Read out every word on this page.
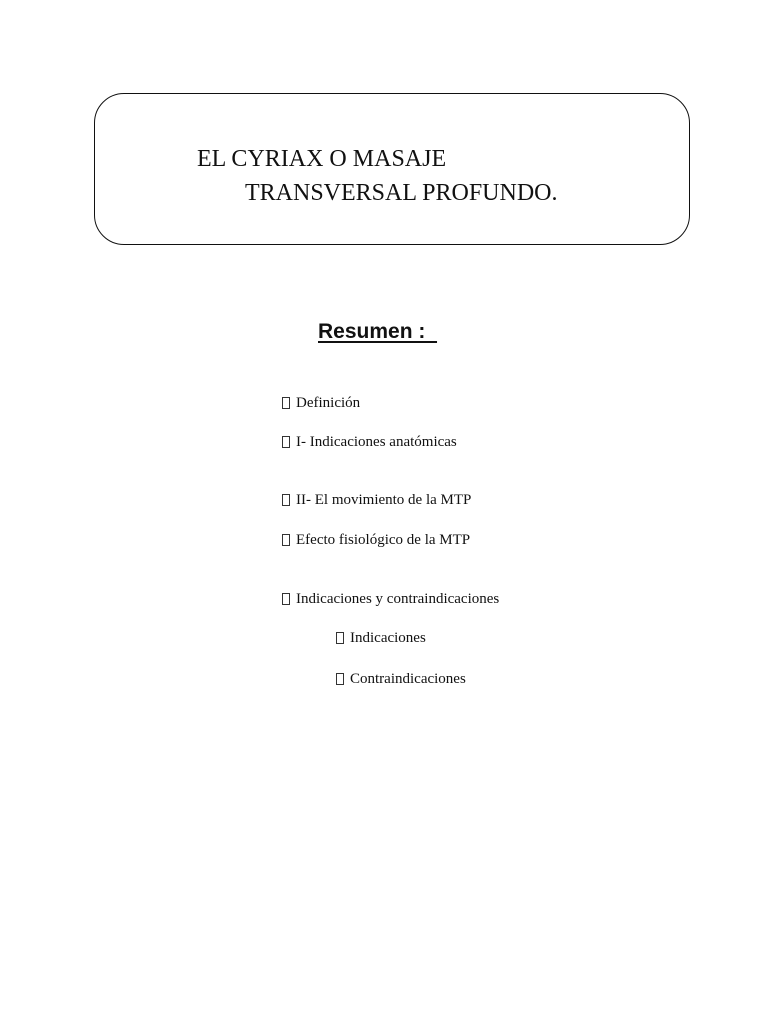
EL CYRIAX O MASAJE
TRANSVERSAL PROFUNDO.
Resumen :
Definición
I- Indicaciones anatómicas
II- El movimiento de la MTP
Efecto fisiológico de la MTP
Indicaciones y contraindicaciones
Indicaciones
Contraindicaciones
